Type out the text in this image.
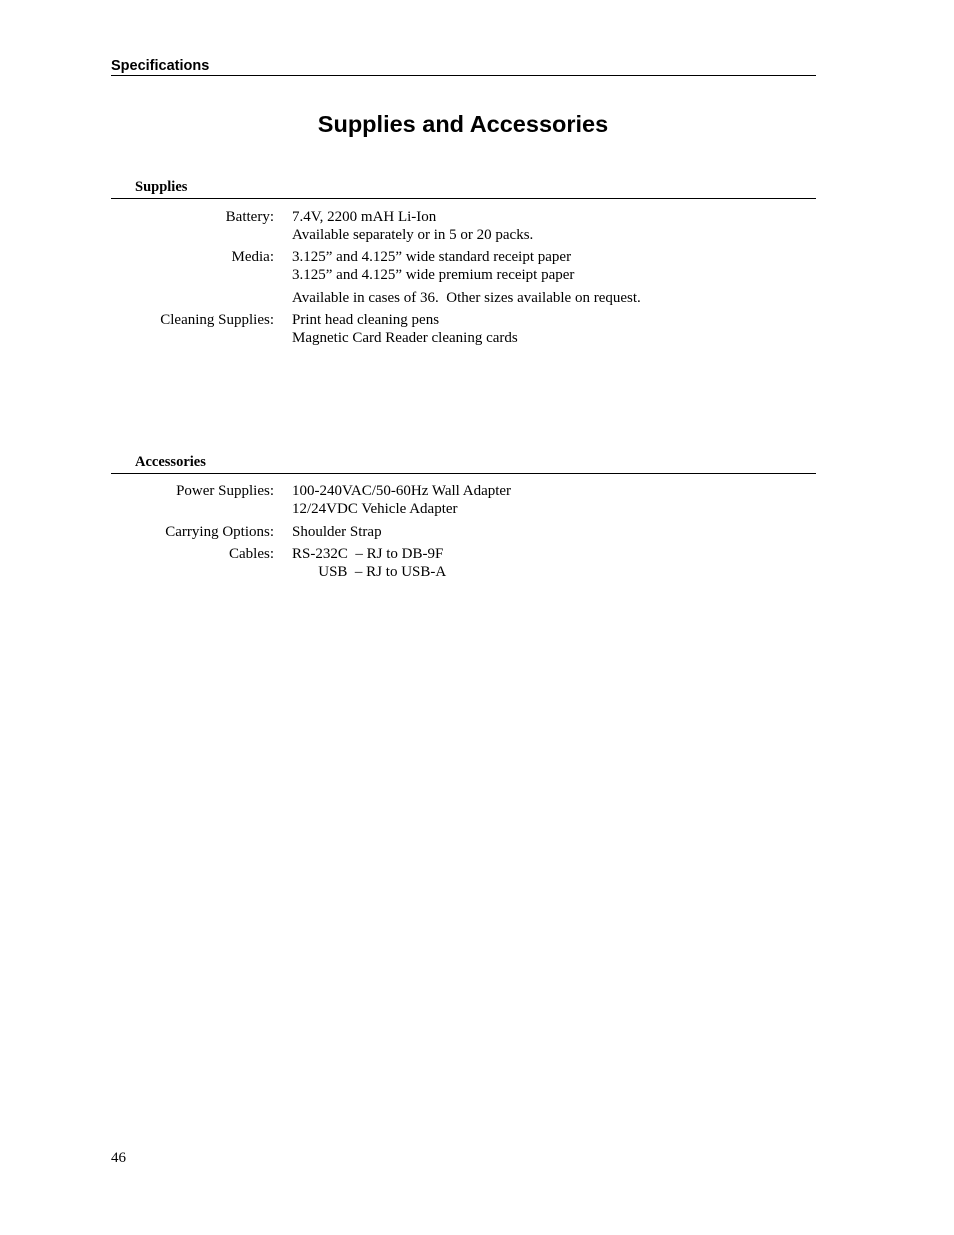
Specifications
Supplies and Accessories
Supplies
Battery: 7.4V, 2200 mAH Li-Ion
Available separately or in 5 or 20 packs.
Media: 3.125” and 4.125” wide standard receipt paper
3.125” and 4.125” wide premium receipt paper
Available in cases of 36.  Other sizes available on request.
Cleaning Supplies: Print head cleaning pens
Magnetic Card Reader cleaning cards
Accessories
Power Supplies: 100-240VAC/50-60Hz Wall Adapter
12/24VDC Vehicle Adapter
Carrying Options: Shoulder Strap
Cables: RS-232C  – RJ to DB-9F
USB  – RJ to USB-A
46
